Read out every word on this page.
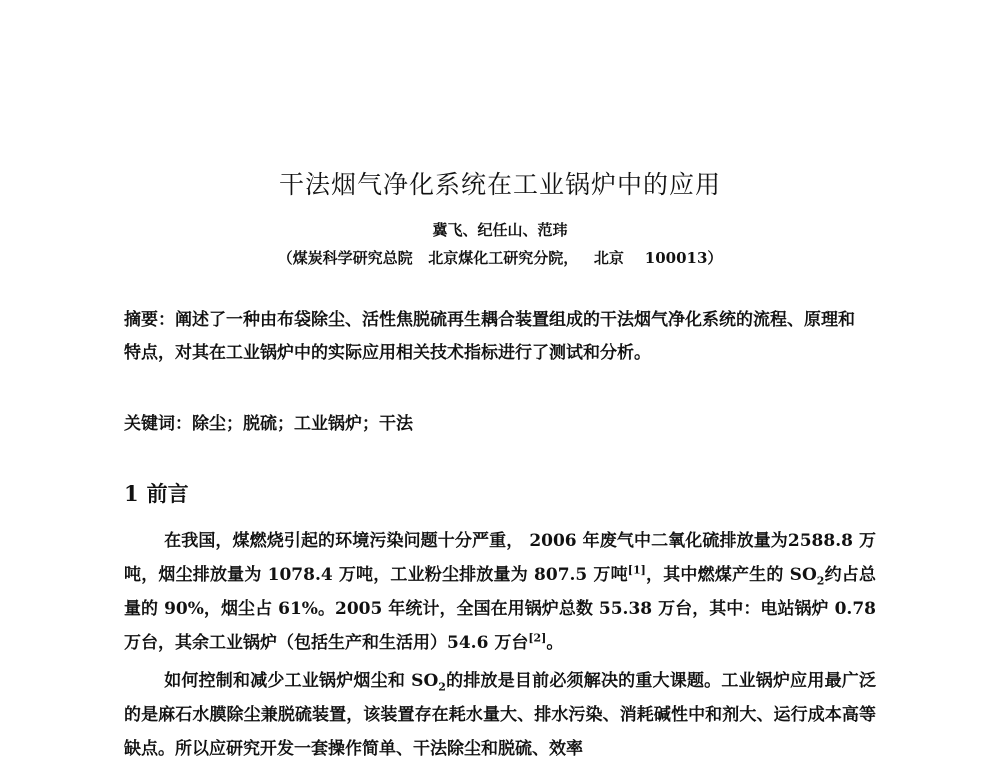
干法烟气净化系统在工业锅炉中的应用
冀飞、纪任山、范玮
（煤炭科学研究总院   北京煤化工研究分院，   北京    100013）
摘要：阐述了一种由布袋除尘、活性焦脱硫再生耦合装置组成的干法烟气净化系统的流程、原理和特点，对其在工业锅炉中的实际应用相关技术指标进行了测试和分析。
关键词：除尘；脱硫；工业锅炉；干法
1 前言
在我国，煤燃烧引起的环境污染问题十分严重， 2006 年废气中二氧化硫排放量为2588.8 万吨，烟尘排放量为 1078.4 万吨，工业粉尘排放量为 807.5 万吨[1]，其中燃煤产生的 $SO_2$约占总量的 90%，烟尘占 61%。2005 年统计，全国在用锅炉总数 55.38 万台，其中：电站锅炉 0.78 万台，其余工业锅炉（包括生产和生活用）54.6 万台[2]。
如何控制和减少工业锅炉烟尘和 $SO_2$的排放是目前必须解决的重大课题。工业锅炉应用最广泛的是麻石水膜除尘兼脱硫装置，该装置存在耗水量大、排水污染、消耗碱性中和剂大、运行成本高等缺点。所以应研究开发一套操作简单、干法除尘和脱硫、效率
